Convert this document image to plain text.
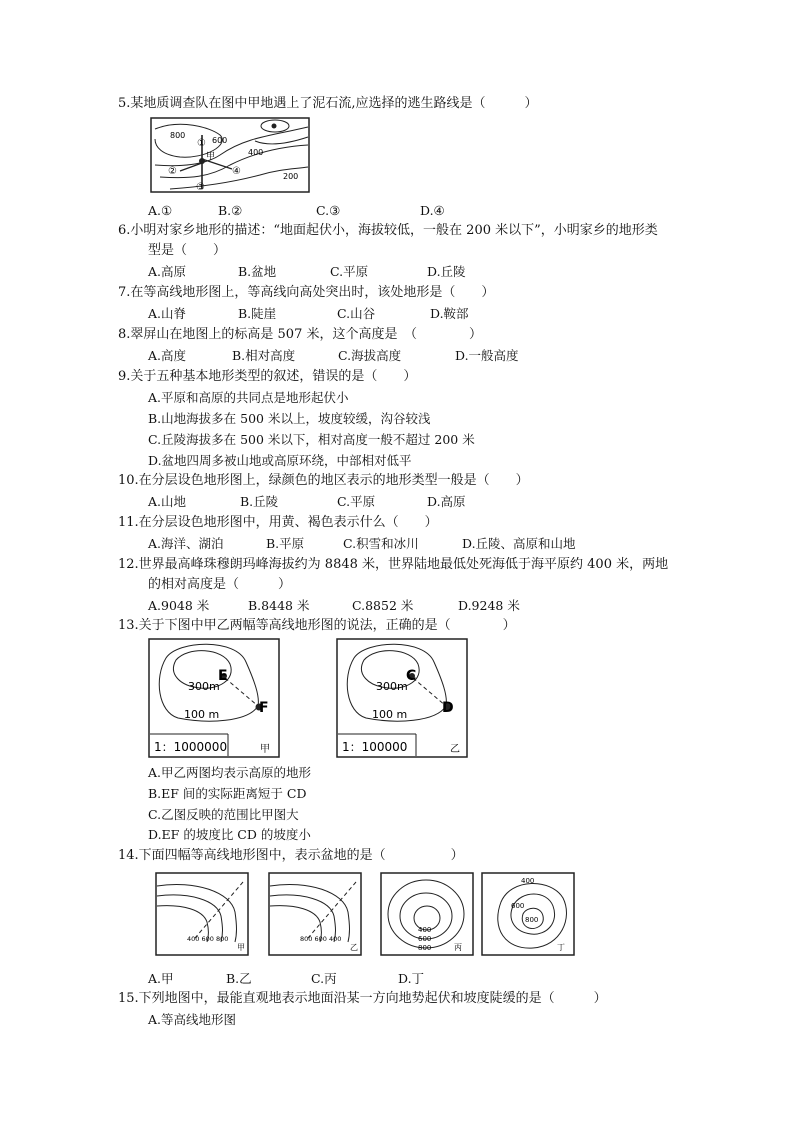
5.某地质调查队在图中甲地遇上了泥石流,应选择的逃生路线是（　　　）
800
600
400
200
①
②
③
④
甲
A.①	B.②	C.③	D.④
6.小明对家乡地形的描述：“地面起伏小，海拔较低，一般在 200 米以下”，小明家乡的地形类
型是（　　）
A.高原	B.盆地	C.平原	D.丘陵
7.在等高线地形图上，等高线向高处突出时，该处地形是（　　）
A.山脊	B.陡崖	C.山谷	D.鞍部
8.翠屏山在地图上的标高是 507 米，这个高度是　（　　　　）
A.高度	B.相对高度	C.海拔高度	D.一般高度
9.关于五种基本地形类型的叙述，错误的是（　　）
A.平原和高原的共同点是地形起伏小
B.山地海拔多在 500 米以上，坡度较缓，沟谷较浅
C.丘陵海拔多在 500 米以下，相对高度一般不超过 200 米
D.盆地四周多被山地或高原环绕，中部相对低平
10.在分层设色地形图上，绿颜色的地区表示的地形类型一般是（　　）
A.山地	B.丘陵	C.平原	D.高原
11.在分层设色地形图中，用黄、褐色表示什么（　　）
A.海洋、湖泊	B.平原	C.积雪和冰川	D.丘陵、高原和山地
12.世界最高峰珠穆朗玛峰海拔约为 8848 米，世界陆地最低处死海低于海平原约 400 米，两地
的相对高度是（　　　）
A.9048 米	B.8448 米	C.8852 米	D.9248 米
13.关于下图中甲乙两幅等高线地形图的说法，正确的是（　　　　）
300m
100 m
E
F
1：1000000	甲
300m
100 m
C
D
1：100000	乙
A.甲乙两图均表示高原的地形
B.EF 间的实际距离短于 CD
C.乙图反映的范围比甲图大
D.EF 的坡度比 CD 的坡度小
14.下面四幅等高线地形图中，表示盆地的是（　　　　　）
400 600 800
甲
800 600 400
乙
400
600
800	丙
400
600
800
丁
A.甲	B.乙	C.丙	D.丁
15.下列地图中，最能直观地表示地面沿某一方向地势起伏和坡度陡缓的是（　　　）
A.等高线地形图
